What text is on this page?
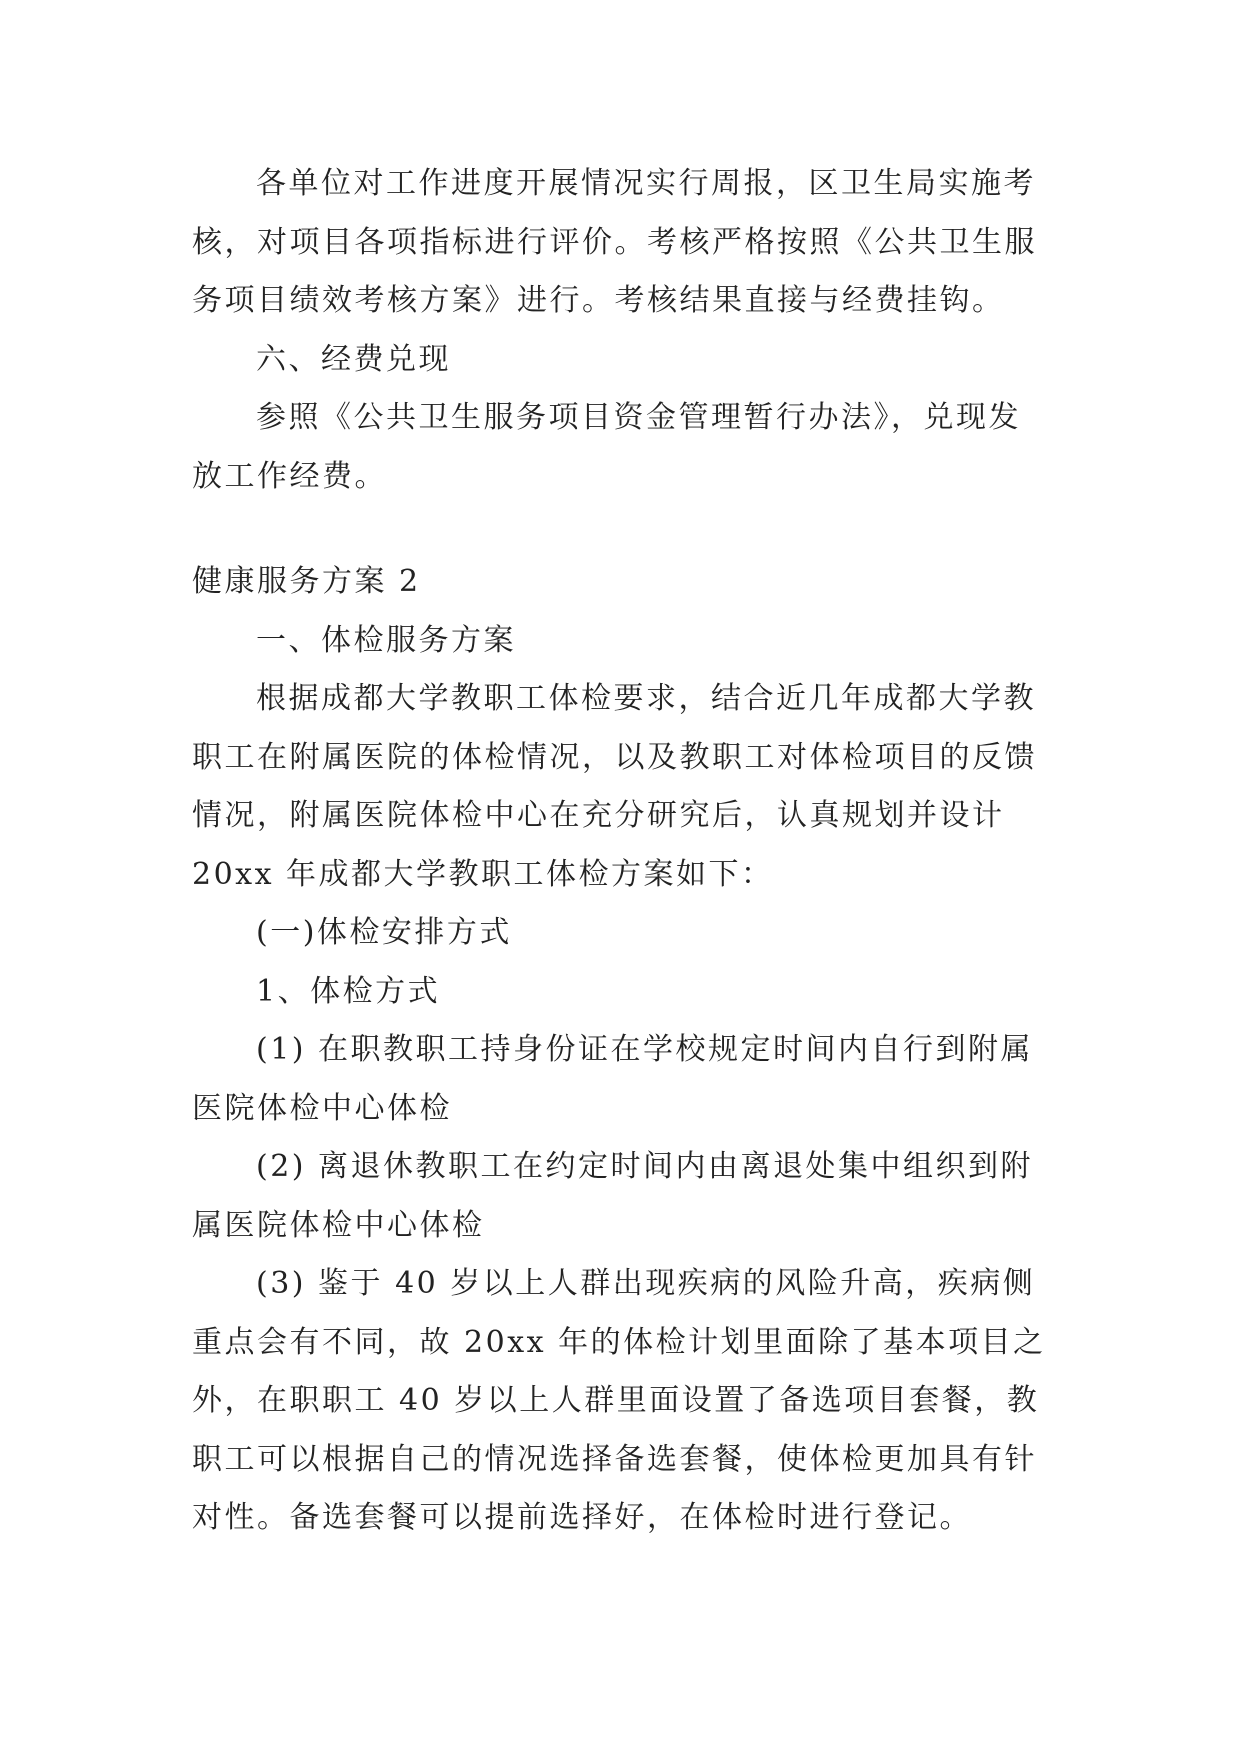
各单位对工作进度开展情况实行周报，区卫生局实施考
核，对项目各项指标进行评价。考核严格按照《公共卫生服
务项目绩效考核方案》进行。考核结果直接与经费挂钩。

六、经费兑现

参照《公共卫生服务项目资金管理暂行办法》，兑现发
放工作经费。

健康服务方案 2

一、体检服务方案

根据成都大学教职工体检要求，结合近几年成都大学教
职工在附属医院的体检情况，以及教职工对体检项目的反馈
情况，附属医院体检中心在充分研究后，认真规划并设计
20xx 年成都大学教职工体检方案如下：

(一)体检安排方式

1、体检方式

(1) 在职教职工持身份证在学校规定时间内自行到附属
医院体检中心体检

(2) 离退休教职工在约定时间内由离退处集中组织到附
属医院体检中心体检

(3) 鉴于 40 岁以上人群出现疾病的风险升高，疾病侧
重点会有不同，故 20xx 年的体检计划里面除了基本项目之
外，在职职工 40 岁以上人群里面设置了备选项目套餐，教
职工可以根据自己的情况选择备选套餐，使体检更加具有针
对性。备选套餐可以提前选择好，在体检时进行登记。
